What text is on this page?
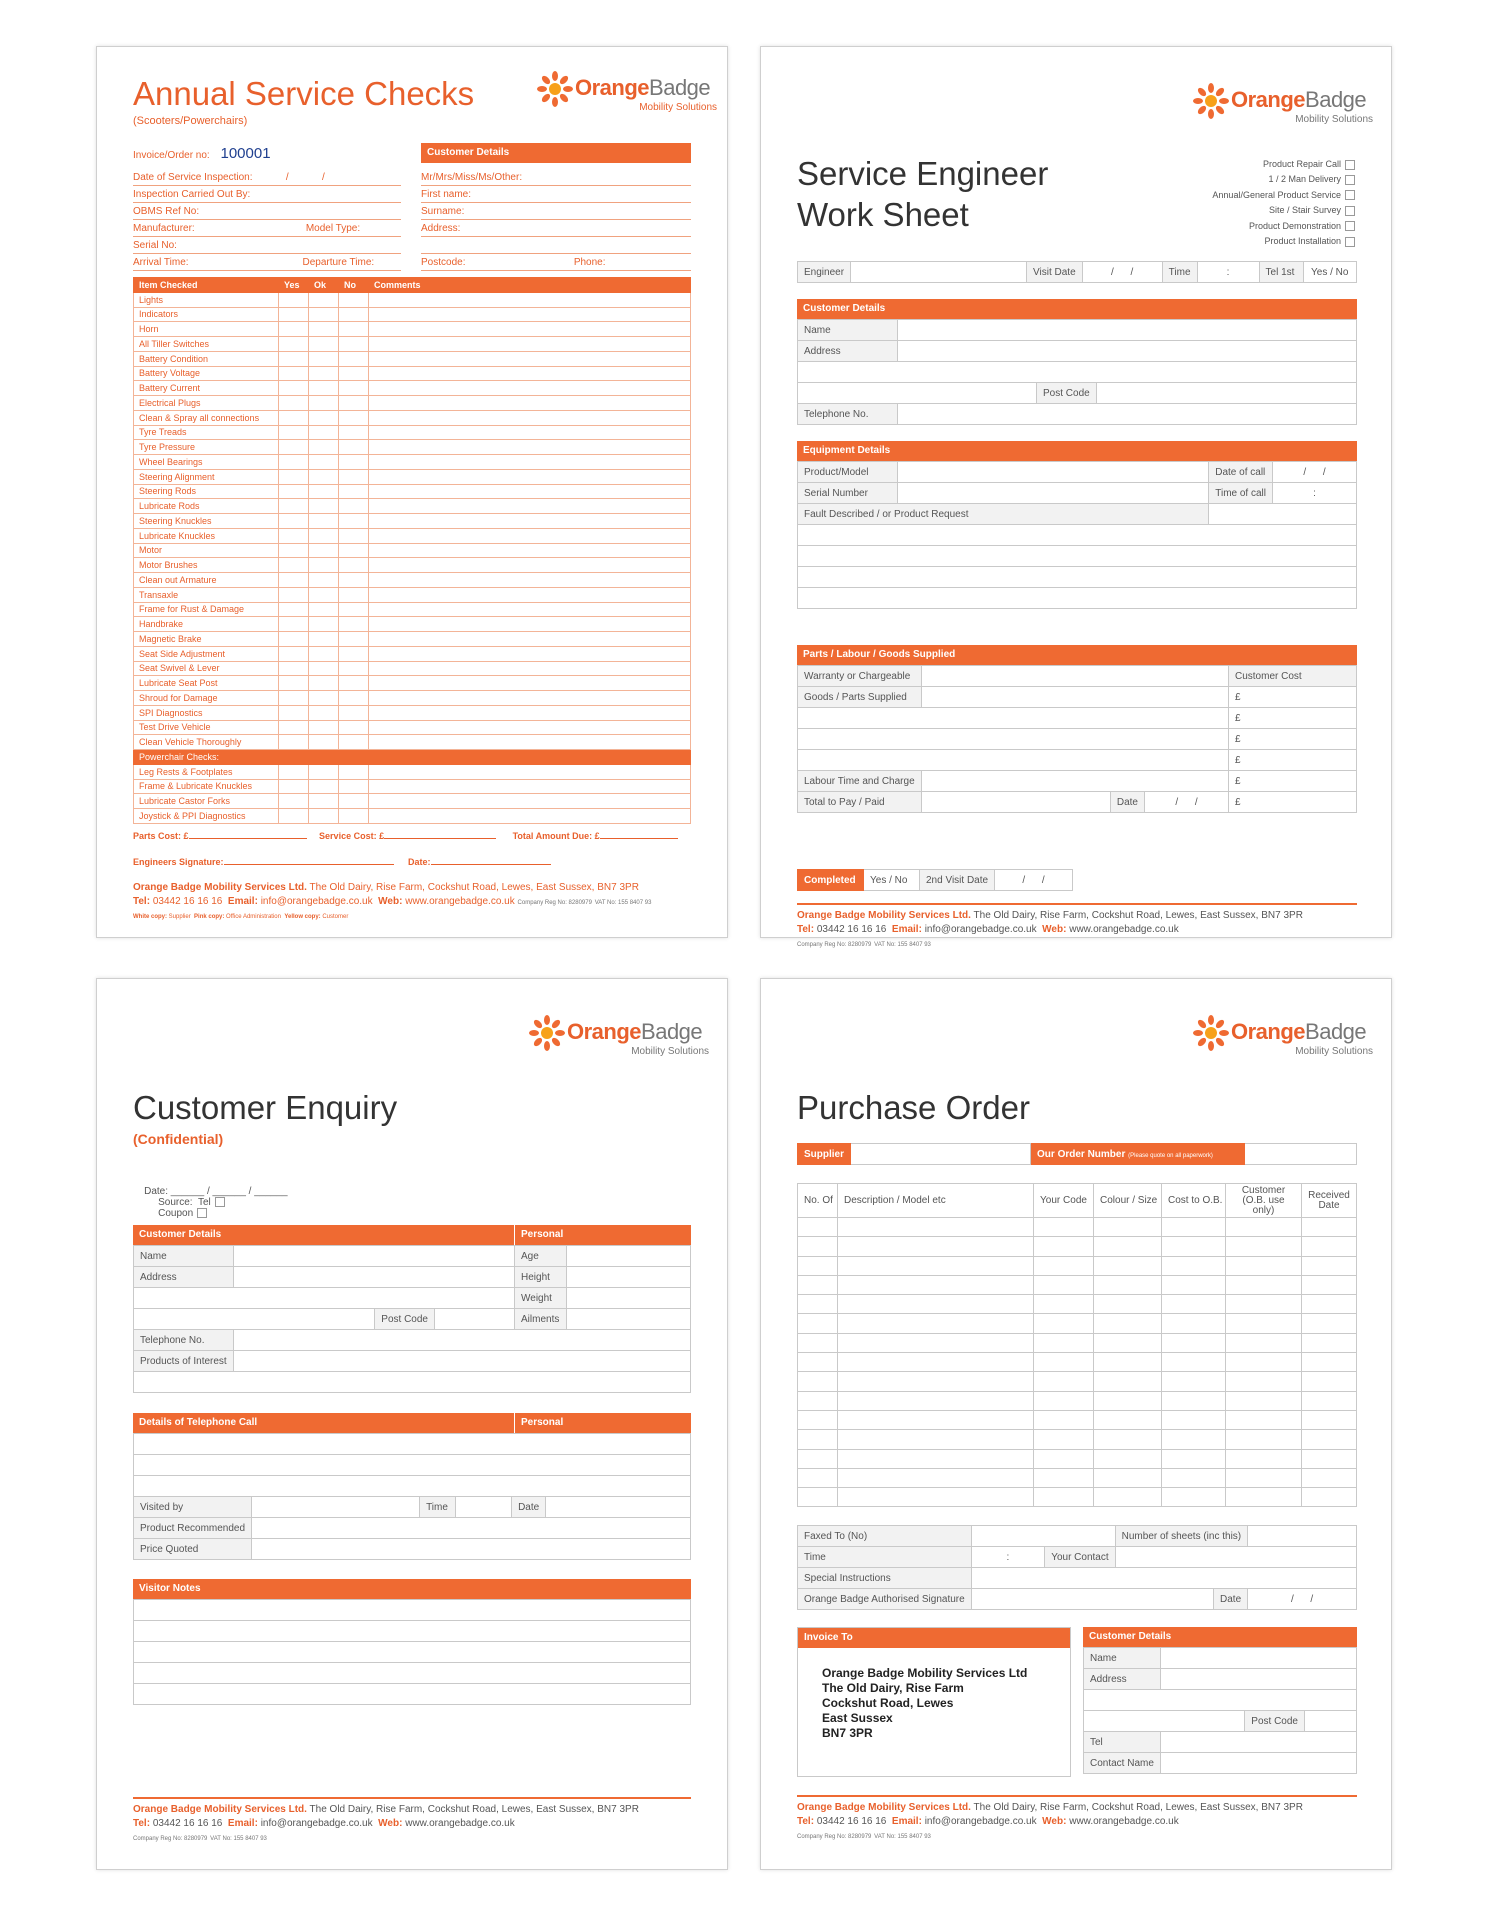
Annual Service Checks
(Scooters/Powerchairs)
OrangeBadge
Mobility Solutions
Invoice/Order no: 100001
Date of Service Inspection:            /            /
Inspection Carried Out By:
OBMS Ref No:
Manufacturer:                                        Model Type:
Serial No:
Arrival Time:                                         Departure Time:
Customer Details
Mr/Mrs/Miss/Ms/Other:
First name:
Surname:
Address:
Postcode:                                       Phone:
Item Checked	Yes	Ok	No	Comments
Lights				
Indicators				
Horn				
All Tiller Switches				
Battery Condition				
Battery Voltage				
Battery Current				
Electrical Plugs				
Clean & Spray all connections				
Tyre Treads				
Tyre Pressure				
Wheel Bearings				
Steering Alignment				
Steering Rods				
Lubricate Rods				
Steering Knuckles				
Lubricate Knuckles				
Motor				
Motor Brushes				
Clean out Armature				
Transaxle				
Frame for Rust & Damage				
Handbrake				
Magnetic Brake				
Seat Side Adjustment				
Seat Swivel & Lever				
Lubricate Seat Post				
Shroud for Damage				
SPI Diagnostics				
Test Drive Vehicle				
Clean Vehicle Thoroughly				
Powerchair Checks:				
Leg Rests & Footplates				
Frame & Lubricate Knuckles				
Lubricate Castor Forks				
Joystick & PPI Diagnostics				
Parts Cost: £	Service Cost: £	Total Amount Due: £
Engineers Signature:	Date:
Orange Badge Mobility Services Ltd. The Old Dairy, Rise Farm, Cockshut Road, Lewes, East Sussex, BN7 3PR
Tel: 03442 16 16 16 Email: info@orangebadge.co.uk Web: www.orangebadge.co.uk Company Reg No: 8280979 VAT No: 155 8407 93
White copy: Supplier Pink copy: Office Administration Yellow copy: Customer
OrangeBadge
Mobility Solutions
Service Engineer
Work Sheet
Product Repair Call
1 / 2 Man Delivery
Annual/General Product Service
Site / Stair Survey
Product Demonstration
Product Installation
Engineer		Visit Date	/      /	Time	:	Tel 1st	Yes / No
Customer Details
Name			
Address			

		Post Code	
Telephone No.			
Equipment Details
Product/Model		Date of call	/      /
Serial Number		Time of call	:
Fault Described / or Product Request			

Parts / Labour / Goods Supplied
Warranty or Chargeable				Customer Cost
Goods / Parts Supplied				£
				£
				£
				£
Labour Time and Charge				£
Total to Pay / Paid		Date	/      /	£
Completed	Yes / No	2nd Visit Date	/      /
Orange Badge Mobility Services Ltd. The Old Dairy, Rise Farm, Cockshut Road, Lewes, East Sussex, BN7 3PR
Tel: 03442 16 16 16 Email: info@orangebadge.co.uk Web: www.orangebadge.co.uk
Company Reg No: 8280979 VAT No: 155 8407 93
OrangeBadge
Mobility Solutions
Customer Enquiry
(Confidential)

Date: ______ / ______ / ______
Source:  Tel
Coupon

Customer Details	Personal
Name				Age	
Address				Height	
				Weight	
		Post Code		Ailments	
Telephone No.					
Products of Interest					

Details of Telephone Call	Personal

Visited by		Time		Date	
Product Recommended					
Price Quoted					
Visitor Notes

Orange Badge Mobility Services Ltd. The Old Dairy, Rise Farm, Cockshut Road, Lewes, East Sussex, BN7 3PR
Tel: 03442 16 16 16 Email: info@orangebadge.co.uk Web: www.orangebadge.co.uk
Company Reg No: 8280979 VAT No: 155 8407 93
OrangeBadge
Mobility Solutions
Purchase Order
Supplier		Our Order Number (Please quote on all paperwork)	
No. Of	Description / Model etc	Your Code	Colour / Size	Cost to O.B.	Customer (O.B. use only)	Received Date

Faxed To (No)			Number of sheets (inc this)		
Time	:	Your Contact			
Special Instructions					
Orange Badge Authorised Signature				Date	/      /
Invoice To
Orange Badge Mobility Services Ltd
The Old Dairy, Rise Farm
Cockshut Road, Lewes
East Sussex
BN7 3PR
Customer Details
Name			
Address			

		Post Code	
Tel			
Contact Name			
Orange Badge Mobility Services Ltd. The Old Dairy, Rise Farm, Cockshut Road, Lewes, East Sussex, BN7 3PR
Tel: 03442 16 16 16 Email: info@orangebadge.co.uk Web: www.orangebadge.co.uk
Company Reg No: 8280979 VAT No: 155 8407 93
